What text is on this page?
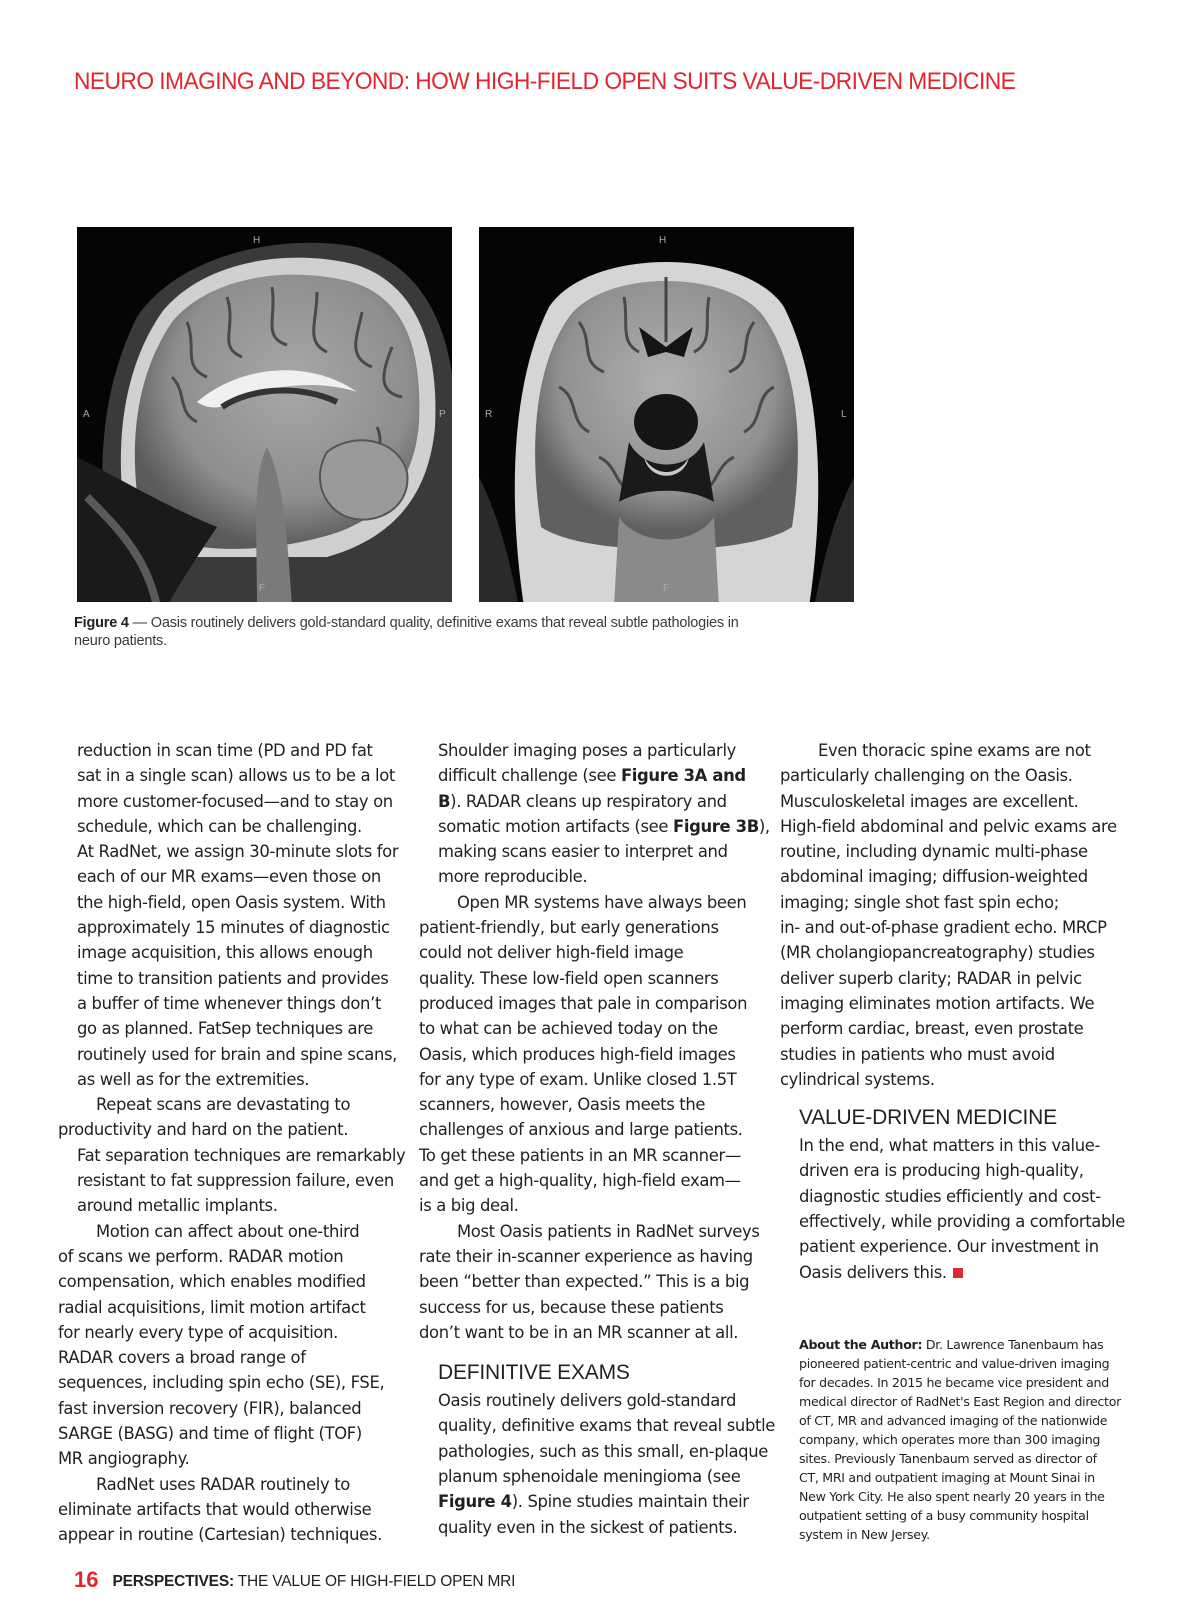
NEURO IMAGING AND BEYOND: HOW HIGH-FIELD OPEN SUITS VALUE-DRIVEN MEDICINE
H
A	P
F
H
R	L
F
Figure 4 — Oasis routinely delivers gold-standard quality, definitive exams that reveal subtle pathologies in neuro patients.

reduction in scan time (PD and PD fat
sat in a single scan) allows us to be a lot
more customer-focused—and to stay on
schedule, which can be challenging.

At RadNet, we assign 30-minute slots for
each of our MR exams—even those on
the high-field, open Oasis system. With
approximately 15 minutes of diagnostic
image acquisition, this allows enough
time to transition patients and provides
a buffer of time whenever things don’t
go as planned. FatSep techniques are
routinely used for brain and spine scans,
as well as for the extremities.

Repeat scans are devastating to
productivity and hard on the patient.

Fat separation techniques are remarkably
resistant to fat suppression failure, even
around metallic implants.

Motion can affect about one-third
of scans we perform. RADAR motion
compensation, which enables modified
radial acquisitions, limit motion artifact
for nearly every type of acquisition.
RADAR covers a broad range of
sequences, including spin echo (SE), FSE,
fast inversion recovery (FIR), balanced
SARGE (BASG) and time of flight (TOF)
MR angiography.

RadNet uses RADAR routinely to
eliminate artifacts that would otherwise
appear in routine (Cartesian) techniques.

Shoulder imaging poses a particularly
difficult challenge (see Figure 3A and
B). RADAR cleans up respiratory and
somatic motion artifacts (see Figure 3B),
making scans easier to interpret and
more reproducible.

Open MR systems have always been
patient-friendly, but early generations
could not deliver high-field image
quality. These low-field open scanners
produced images that pale in comparison
to what can be achieved today on the
Oasis, which produces high-field images
for any type of exam. Unlike closed 1.5T
scanners, however, Oasis meets the
challenges of anxious and large patients.
To get these patients in an MR scanner—
and get a high-quality, high-field exam—
is a big deal.

Most Oasis patients in RadNet surveys
rate their in-scanner experience as having
been “better than expected.” This is a big
success for us, because these patients
don’t want to be in an MR scanner at all.

DEFINITIVE EXAMS

Oasis routinely delivers gold-standard
quality, definitive exams that reveal subtle
pathologies, such as this small, en-plaque
planum sphenoidale meningioma (see
Figure 4). Spine studies maintain their
quality even in the sickest of patients.

Even thoracic spine exams are not
particularly challenging on the Oasis.
Musculoskeletal images are excellent.
High-field abdominal and pelvic exams are
routine, including dynamic multi-phase
abdominal imaging; diffusion-weighted
imaging; single shot fast spin echo;
in- and out-of-phase gradient echo. MRCP
(MR cholangiopancreatography) studies
deliver superb clarity; RADAR in pelvic
imaging eliminates motion artifacts. We
perform cardiac, breast, even prostate
studies in patients who must avoid
cylindrical systems.

VALUE-DRIVEN MEDICINE

In the end, what matters in this value-
driven era is producing high-quality,
diagnostic studies efficiently and cost-
effectively, while providing a comfortable
patient experience. Our investment in
Oasis delivers this.

About the Author: Dr. Lawrence Tanenbaum has
pioneered patient-centric and value-driven imaging
for decades. In 2015 he became vice president and
medical director of RadNet's East Region and director
of CT, MR and advanced imaging of the nationwide
company, which operates more than 300 imaging
sites. Previously Tanenbaum served as director of
CT, MRI and outpatient imaging at Mount Sinai in
New York City. He also spent nearly 20 years in the
outpatient setting of a busy community hospital
system in New Jersey.
16 PERSPECTIVES: THE VALUE OF HIGH-FIELD OPEN MRI
